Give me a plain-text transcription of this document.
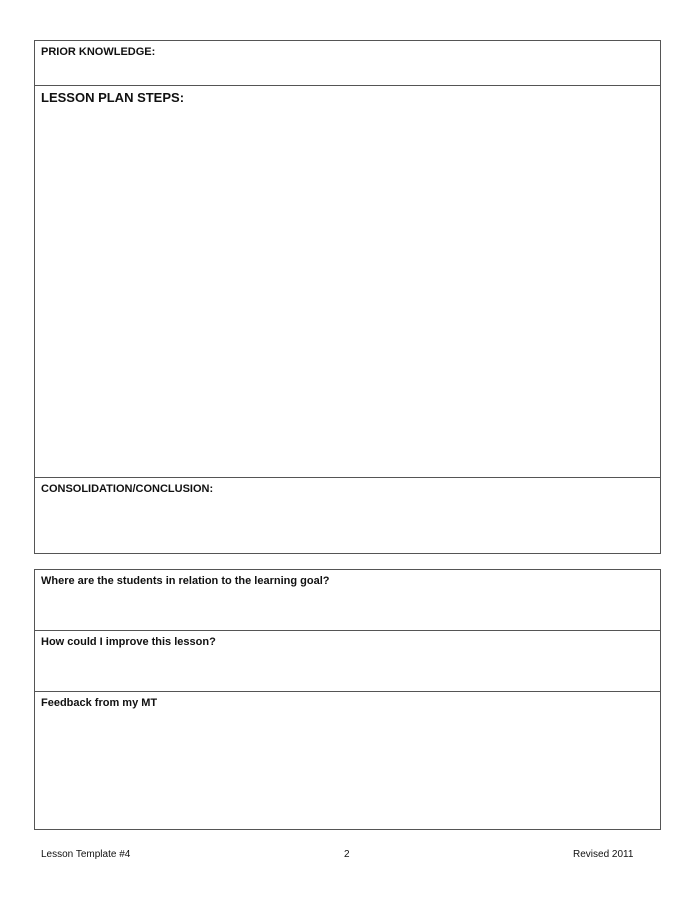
PRIOR KNOWLEDGE:
LESSON PLAN STEPS:
CONSOLIDATION/CONCLUSION:
Where are the students in relation to the learning goal?
How could I improve this lesson?
Feedback from my MT
Lesson Template #4	2	Revised 2011
